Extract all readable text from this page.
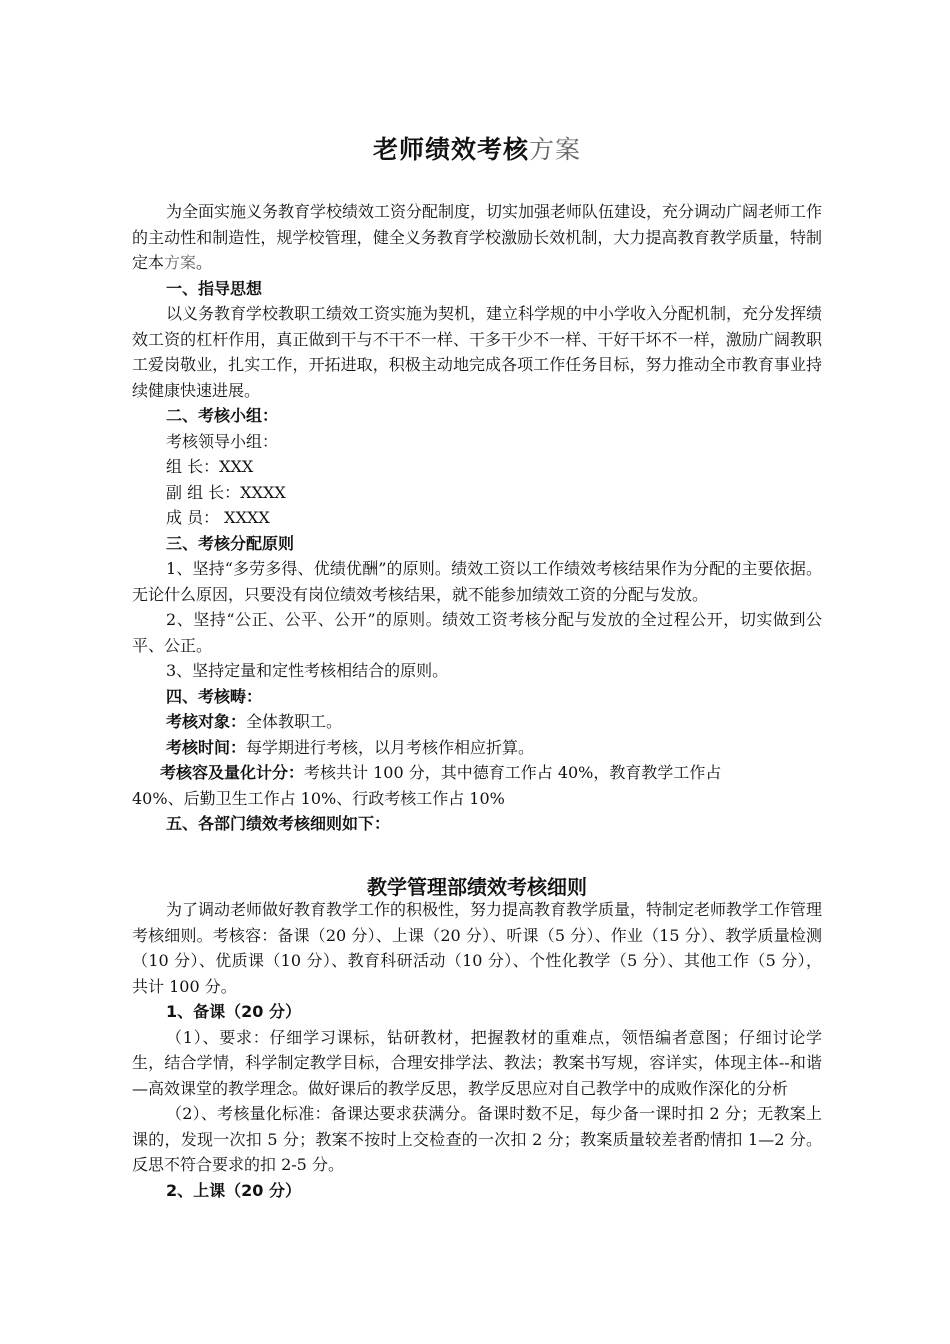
老师绩效考核方案

为全面实施义务教育学校绩效工资分配制度，切实加强老师队伍建设，充分调动广阔老师工作的主动性和制造性，规学校管理，健全义务教育学校激励长效机制，大力提高教育教学质量，特制定本方案。

一、指导思想

以义务教育学校教职工绩效工资实施为契机，建立科学规的中小学收入分配机制，充分发挥绩效工资的杠杆作用，真正做到干与不干不一样、干多干少不一样、干好干坏不一样，激励广阔教职工爱岗敬业，扎实工作，开拓进取，积极主动地完成各项工作任务目标，努力推动全市教育事业持续健康快速进展。

二、考核小组：

考核领导小组：

组 长：XXX

副 组 长：XXXX

成 员： XXXX

三、考核分配原则

1、坚持“多劳多得、优绩优酬”的原则。绩效工资以工作绩效考核结果作为分配的主要依据。无论什么原因，只要没有岗位绩效考核结果，就不能参加绩效工资的分配与发放。

2、坚持“公正、公平、公开”的原则。绩效工资考核分配与发放的全过程公开，切实做到公平、公正。

3、坚持定量和定性考核相结合的原则。

四、考核畴：

考核对象：全体教职工。

考核时间：每学期进行考核，以月考核作相应折算。

考核容及量化计分：考核共计 100 分，其中德育工作占 40%，教育教学工作占

40%、后勤卫生工作占 10%、行政考核工作占 10%

五、各部门绩效考核细则如下：

教学管理部绩效考核细则

为了调动老师做好教育教学工作的积极性，努力提高教育教学质量，特制定老师教学工作管理考核细则。考核容：备课（20 分）、上课（20 分）、听课（5 分）、作业（15 分）、教学质量检测（10 分）、优质课（10 分）、教育科研活动（10 分）、个性化教学（5 分）、其他工作（5 分），共计 100 分。

1、备课（20 分）

（1）、要求：仔细学习课标，钻研教材，把握教材的重难点，领悟编者意图；仔细讨论学生，结合学情，科学制定教学目标，合理安排学法、教法；教案书写规，容详实，体现主体--和谐—高效课堂的教学理念。做好课后的教学反思，教学反思应对自己教学中的成败作深化的分析

（2）、考核量化标准：备课达要求获满分。备课时数不足，每少备一课时扣 2 分；无教案上课的，发现一次扣 5 分；教案不按时上交检查的一次扣 2 分；教案质量较差者酌情扣 1—2 分。反思不符合要求的扣 2-5 分。

2、上课（20 分）
